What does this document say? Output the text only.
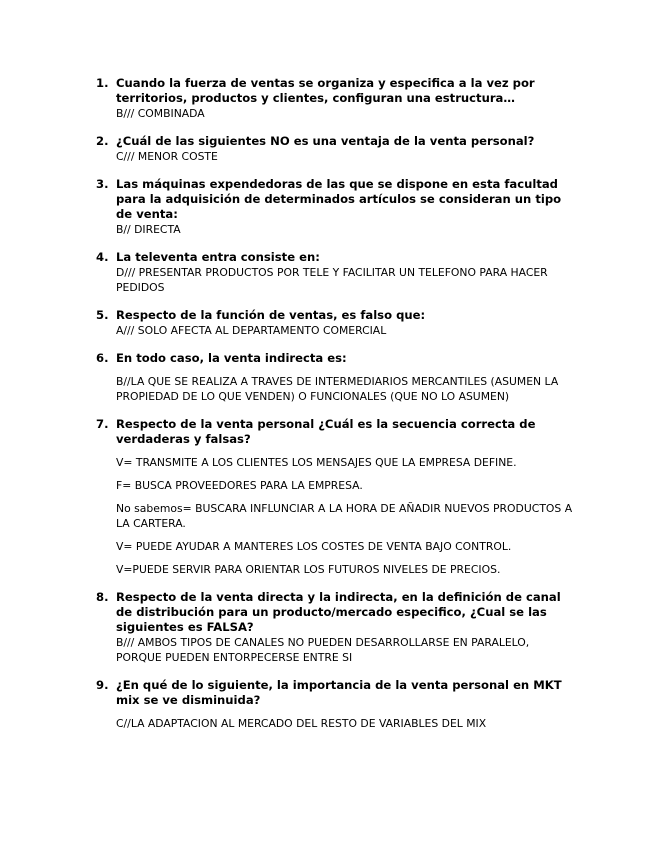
1. Cuando la fuerza de ventas se organiza y especifica a la vez por territorios, productos y clientes, configuran una estructura…

B/// COMBINADA

2. ¿Cuál de las siguientes NO es una ventaja de la venta personal?

C/// MENOR COSTE

3. Las máquinas expendedoras de las que se dispone en esta facultad para la adquisición de determinados artículos se consideran un tipo de venta:

B// DIRECTA

4. La televenta entra consiste en:

D/// PRESENTAR PRODUCTOS POR TELE Y FACILITAR UN TELEFONO PARA HACER PEDIDOS

5. Respecto de la función de ventas, es falso que:

A/// SOLO AFECTA AL DEPARTAMENTO COMERCIAL

6. En todo caso, la venta indirecta es:

B//LA QUE SE REALIZA A TRAVES DE INTERMEDIARIOS MERCANTILES (ASUMEN LA PROPIEDAD DE LO QUE VENDEN) O FUNCIONALES (QUE NO LO ASUMEN)

7. Respecto de la venta personal ¿Cuál es la secuencia correcta de verdaderas y falsas?

V= TRANSMITE A LOS CLIENTES LOS MENSAJES QUE LA EMPRESA DEFINE.

F= BUSCA PROVEEDORES PARA LA EMPRESA.

No sabemos= BUSCARA INFLUNCIAR A LA HORA DE AÑADIR NUEVOS PRODUCTOS A LA CARTERA.

V= PUEDE AYUDAR A MANTERES LOS COSTES DE VENTA BAJO CONTROL.

V=PUEDE SERVIR PARA ORIENTAR LOS FUTUROS NIVELES DE PRECIOS.

8. Respecto de la venta directa y la indirecta, en la definición de canal de distribución para un producto/mercado especifico, ¿Cual se las siguientes es FALSA?

B/// AMBOS TIPOS DE CANALES NO PUEDEN DESARROLLARSE EN PARALELO, PORQUE PUEDEN ENTORPECERSE ENTRE SI

9. ¿En qué de lo siguiente, la importancia de la venta personal en MKT mix se ve disminuida?

C//LA ADAPTACION AL MERCADO DEL RESTO DE VARIABLES DEL MIX
